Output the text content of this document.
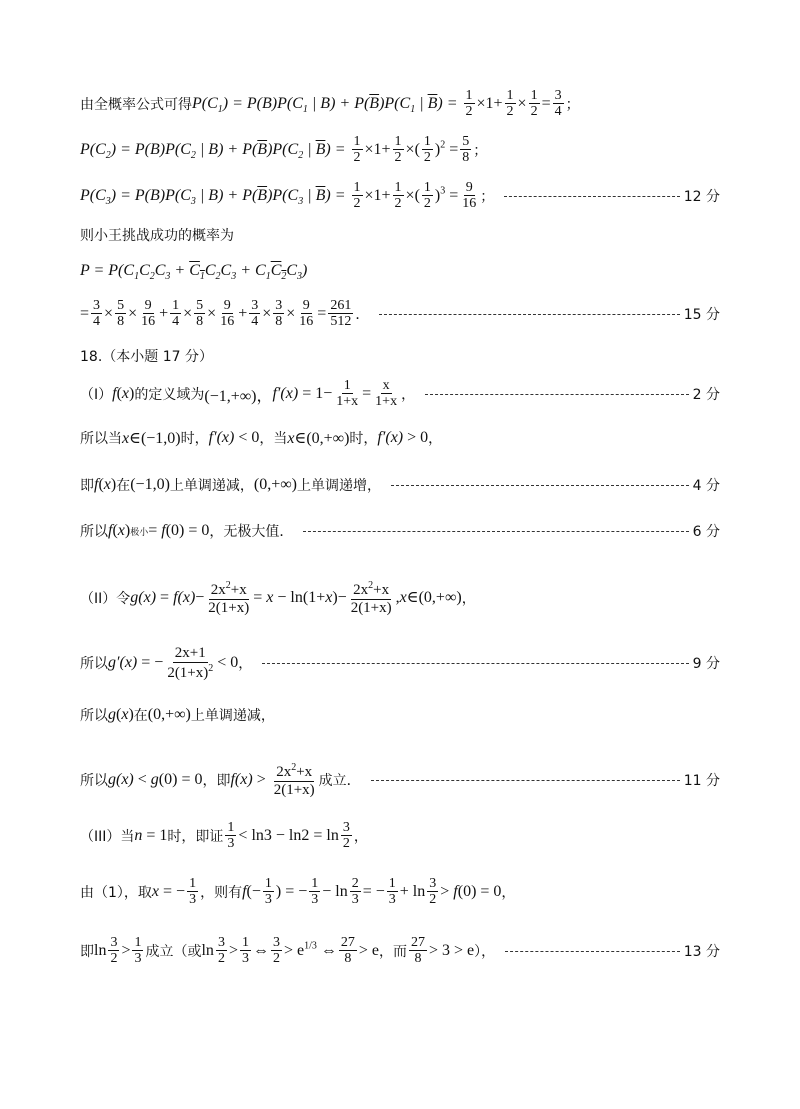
由全概率公式可得 $P(C_1) = P(B)P(C_1$ | $B) + P(\overline{B})P(C_1$ | $\overline{B}) = \frac{1}{2} \times 1+ \frac{1}{2} \times \frac{1}{2} = \frac{3}{4}$ ；
$P(C_2) = P(B)P(C_2$ | $B) + P(\overline{B})P(C_2$ | $\overline{B}) = \frac{1}{2} \times 1+ \frac{1}{2}$ ×( $\frac{1}{2} )^2 = \frac{5}{8}$ ；
$P(C_3) = P(B)P(C_3$ | $B) + P(\overline{B})P(C_3$ | $\overline{B}) = \frac{1}{2} \times 1+ \frac{1}{2}$ ×( $\frac{1}{2} )^3 = \frac{9}{16}$ ；	12 分
则小王挑战成功的概率为
$P = P(C_1C_2C_3 + C_1C_2C_3 + C_1C_2C_3)$
= $\frac{3}{4} \times \frac{5}{8} \times \frac{9}{16} + \frac{1}{4} \times \frac{5}{8} \times \frac{9}{16} + \frac{3}{4} \times \frac{3}{8} \times \frac{9}{16} = \frac{261}{512}$ ．	15 分
18.（本小题 17 分）
（I） f ( x ) 的定义域为 (−1,+∞)， $f'(x) = 1- \frac{1}{1+x} = \frac{x}{1+x}$ ，	2 分
所以当 x∈(−1,0) 时， f′(x) < 0 ，当 x∈(0,+∞) 时， f′(x) > 0 ，
即 f(x) 在 (−1,0) 上单调递减， (0,+∞) 上单调递增，	4 分
所以 f(x) 极小 = f(0) = 0 ，无极大值．	6 分
（II）令 $g(x) = f(x)- \frac{2x^2+x}{2(1+x)} = x - \ln(1+x)- \frac{2x^2+x}{2(1+x)}$ ,x∈(0,+∞) ，
所以 g′(x) = − $\frac{2x+1}{2(1+x)^2} < 0$ ，	9 分
所以 g(x) 在 (0,+∞) 上单调递减，
所以 g(x) < g(0) = 0 ，即 $f(x) > \frac{2x^2+x}{2(1+x)}$ 成立．	11 分
（III）当 n = 1 时，即证 $\frac{1}{3} < \ln 3 - \ln 2 = \ln \frac{3}{2}$ ，
由（1），取 x = − $\frac{1}{3}$ ，则有 $f(- \frac{1}{3}$ ) = − $\frac{1}{3} - \ln \frac{2}{3}$ = − $\frac{1}{3} + \ln \frac{3}{2} > f(0) = 0$ ，
即 $\ln \frac{3}{2} > \frac{1}{3}$ 成立（或 $\ln \frac{3}{2} > \frac{1}{3}$ ⇔ $\frac{3}{2} > e^{1/3}$ ⇔ $\frac{27}{8} > e$ ，而 $\frac{27}{8} > 3 > e$ ），	13 分
